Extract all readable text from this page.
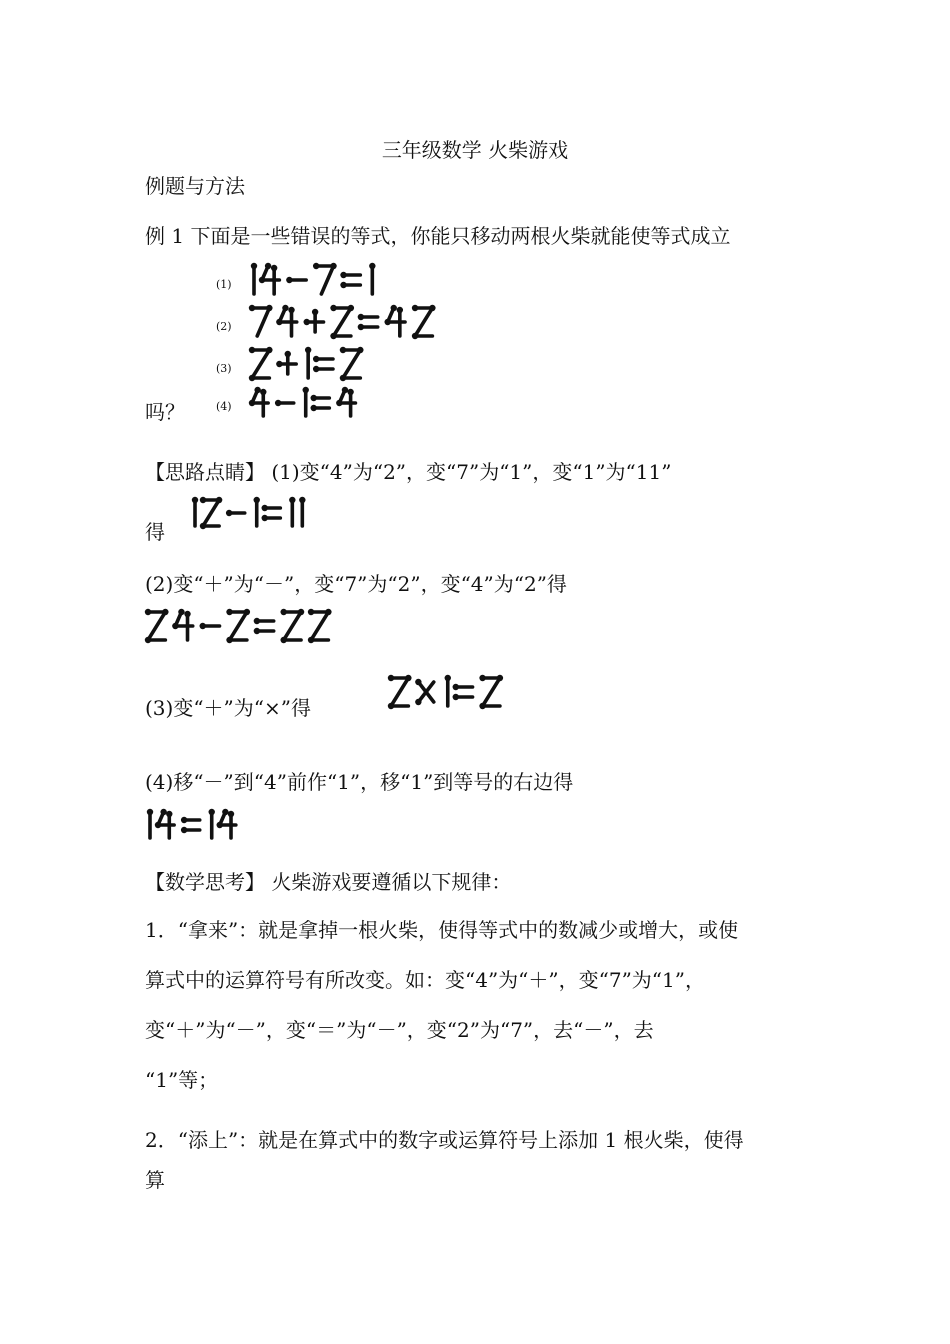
三年级数学 火柴游戏
例题与方法
例 1 下面是一些错误的等式，你能只移动两根火柴就能使等式成立
(1)
(2)
(3)
(4)
吗？
【思路点睛】 (1)变“4”为“2”，变“7”为“1”，变“1”为“11”
得
(2)变“＋”为“－”，变“7”为“2”，变“4”为“2”得
(3)变“＋”为“×”得
(4)移“－”到“4”前作“1”，移“1”到等号的右边得
【数学思考】 火柴游戏要遵循以下规律：
1．“拿来”：就是拿掉一根火柴，使得等式中的数减少或增大，或使
算式中的运算符号有所改变。如：变“4”为“＋”，变“7”为“1”，
变“＋”为“－”，变“＝”为“－”，变“2”为“7”，去“－”，去
“1”等；
2．“添上”：就是在算式中的数字或运算符号上添加 1 根火柴，使得
算
